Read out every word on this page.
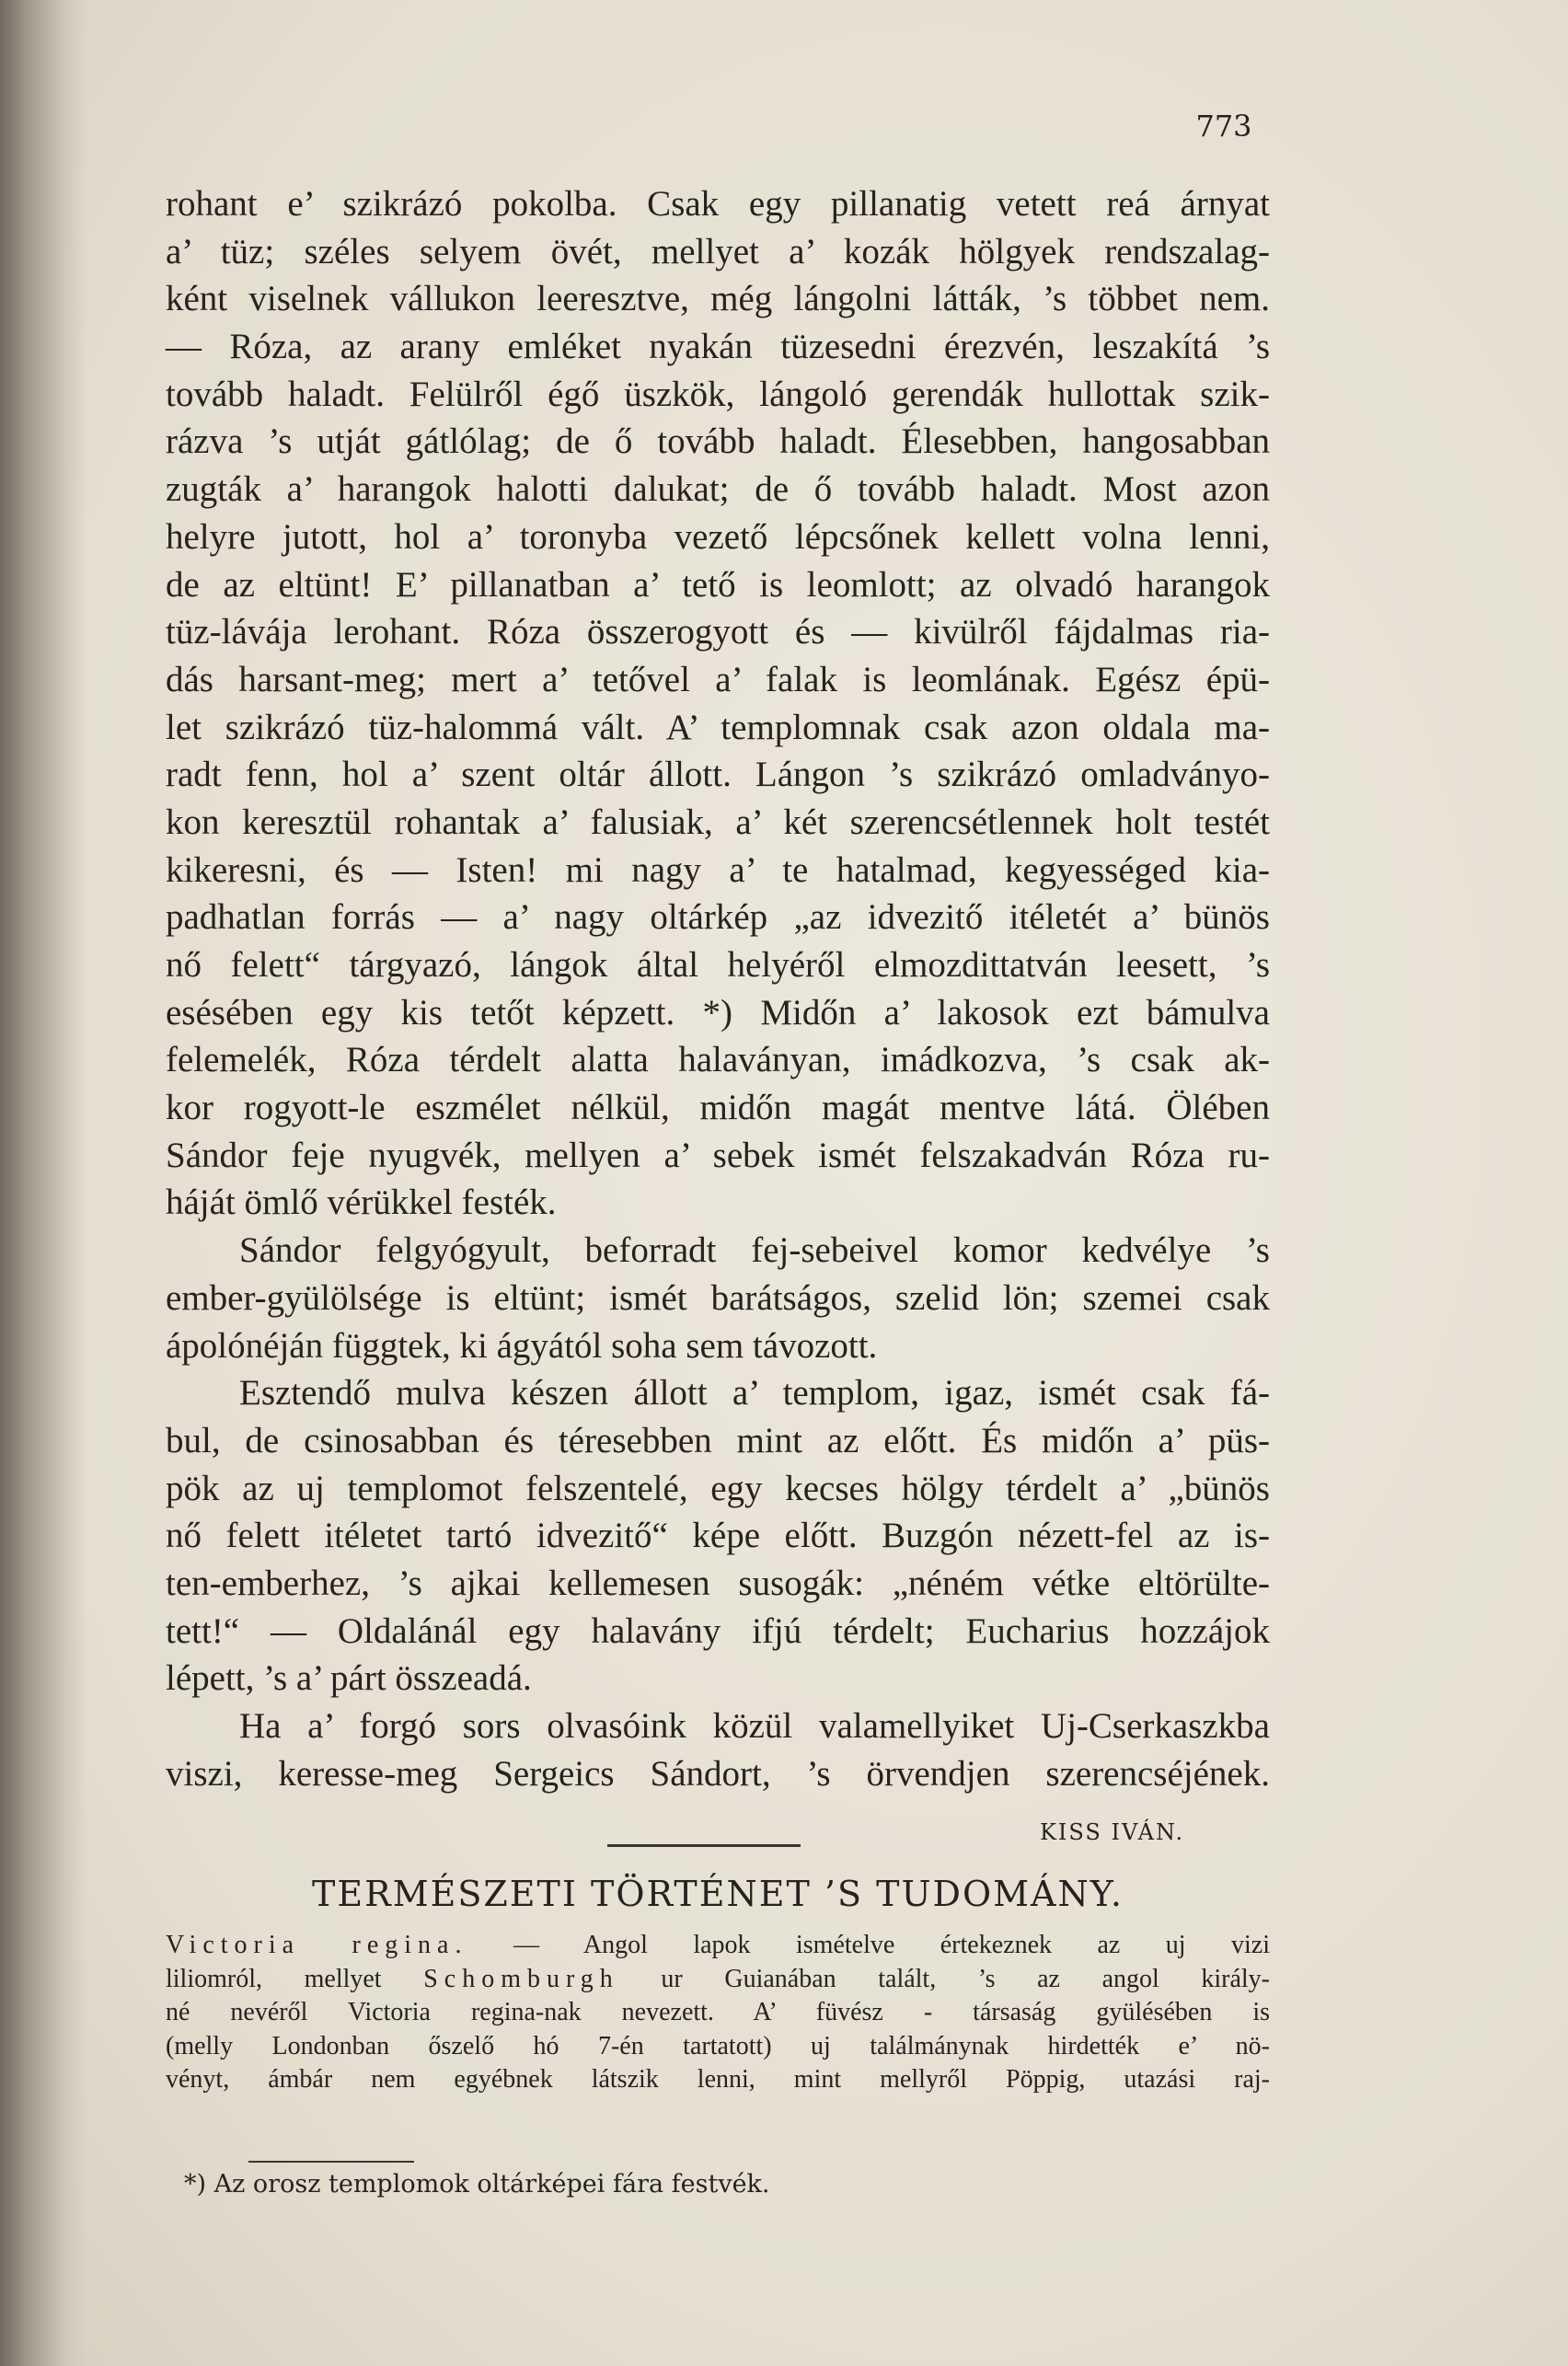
773
rohant e’ szikrázó pokolba. Csak egy pillanatig vetett reá árnyat
a’ tüz; széles selyem övét, mellyet a’ kozák hölgyek rendszalag-
ként viselnek vállukon leeresztve, még lángolni látták, ’s többet nem.
— Róza, az arany emléket nyakán tüzesedni érezvén, leszakítá ’s
tovább haladt. Felülről égő üszkök, lángoló gerendák hullottak szik-
rázva ’s utját gátlólag; de ő tovább haladt. Élesebben, hangosabban
zugták a’ harangok halotti dalukat; de ő tovább haladt. Most azon
helyre jutott, hol a’ toronyba vezető lépcsőnek kellett volna lenni,
de az eltünt! E’ pillanatban a’ tető is leomlott; az olvadó harangok
tüz-lávája lerohant. Róza összerogyott és — kivülről fájdalmas ria-
dás harsant-meg; mert a’ tetővel a’ falak is leomlának. Egész épü-
let szikrázó tüz-halommá vált. A’ templomnak csak azon oldala ma-
radt fenn, hol a’ szent oltár állott. Lángon ’s szikrázó omladványo-
kon keresztül rohantak a’ falusiak, a’ két szerencsétlennek holt testét
kikeresni, és — Isten! mi nagy a’ te hatalmad, kegyességed kia-
padhatlan forrás — a’ nagy oltárkép „az idvezitő itéletét a’ bünös
nő felett“ tárgyazó, lángok által helyéről elmozdittatván leesett, ’s
esésében egy kis tetőt képzett. *) Midőn a’ lakosok ezt bámulva
felemelék, Róza térdelt alatta halaványan, imádkozva, ’s csak ak-
kor rogyott-le eszmélet nélkül, midőn magát mentve látá. Ölében
Sándor feje nyugvék, mellyen a’ sebek ismét felszakadván Róza ru-
háját ömlő vérükkel festék.
Sándor felgyógyult, beforradt fej-sebeivel komor kedvélye ’s
ember-gyülölsége is eltünt; ismét barátságos, szelid lön; szemei csak
ápolónéján függtek, ki ágyától soha sem távozott.
Esztendő mulva készen állott a’ templom, igaz, ismét csak fá-
bul, de csinosabban és téresebben mint az előtt. És midőn a’ püs-
pök az uj templomot felszentelé, egy kecses hölgy térdelt a’ „bünös
nő felett itéletet tartó idvezitő“ képe előtt. Buzgón nézett-fel az is-
ten-emberhez, ’s ajkai kellemesen susogák: „néném vétke eltörülte-
tett!“ — Oldalánál egy halavány ifjú térdelt; Eucharius hozzájok
lépett, ’s a’ párt összeadá.
Ha a’ forgó sors olvasóink közül valamellyiket Uj-Cserkaszkba
viszi, keresse-meg Sergeics Sándort, ’s örvendjen szerencséjének.
KISS IVÁN.
TERMÉSZETI TÖRTÉNET ’S TUDOMÁNY.
Victoria regina. — Angol lapok ismételve értekeznek az uj vizi
liliomról, mellyet Schomburgh ur Guianában talált, ’s az angol király-
né nevéről Victoria regina-nak nevezett. A’ füvész - társaság gyülésében is
(melly Londonban őszelő hó 7-én tartatott) uj találmánynak hirdették e’ nö-
vényt, ámbár nem egyébnek látszik lenni, mint mellyről Pöppig, utazási raj-
*) Az orosz templomok oltárképei fára festvék.
